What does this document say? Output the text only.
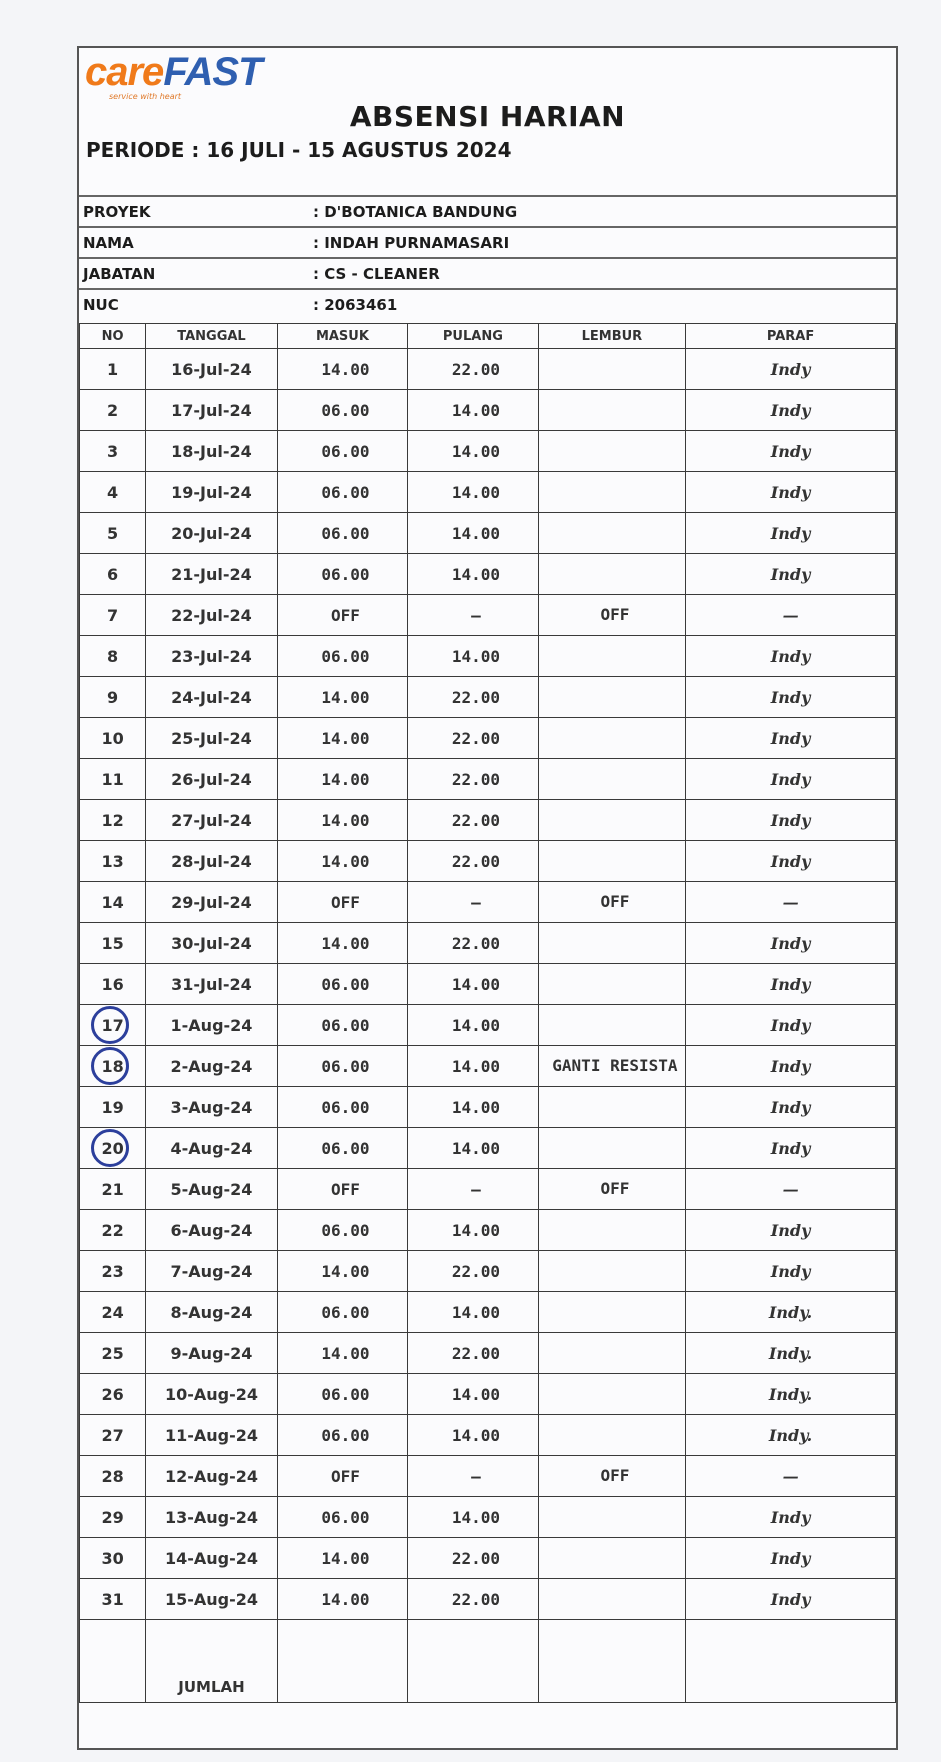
careFAST
service with heart
ABSENSI HARIAN
PERIODE : 16 JULI - 15 AGUSTUS 2024
PROYEK	: D'BOTANICA BANDUNG
NAMA	: INDAH PURNAMASARI
JABATAN	: CS - CLEANER
NUC	: 2063461
NO	TANGGAL	MASUK	PULANG	LEMBUR	PARAF
1	16-Jul-24	14.00	22.00		Indy
2	17-Jul-24	06.00	14.00		Indy
3	18-Jul-24	06.00	14.00		Indy
4	19-Jul-24	06.00	14.00		Indy
5	20-Jul-24	06.00	14.00		Indy
6	21-Jul-24	06.00	14.00		Indy
7	22-Jul-24	OFF	—	OFF	—
8	23-Jul-24	06.00	14.00		Indy
9	24-Jul-24	14.00	22.00		Indy
10	25-Jul-24	14.00	22.00		Indy
11	26-Jul-24	14.00	22.00		Indy
12	27-Jul-24	14.00	22.00		Indy
13	28-Jul-24	14.00	22.00		Indy
14	29-Jul-24	OFF	—	OFF	—
15	30-Jul-24	14.00	22.00		Indy
16	31-Jul-24	06.00	14.00		Indy
17	1-Aug-24	06.00	14.00		Indy
18	2-Aug-24	06.00	14.00	GANTI RESISTA	Indy
19	3-Aug-24	06.00	14.00		Indy
20	4-Aug-24	06.00	14.00		Indy
21	5-Aug-24	OFF	—	OFF	—
22	6-Aug-24	06.00	14.00		Indy
23	7-Aug-24	14.00	22.00		Indy
24	8-Aug-24	06.00	14.00		Indy.
25	9-Aug-24	14.00	22.00		Indy.
26	10-Aug-24	06.00	14.00		Indy.
27	11-Aug-24	06.00	14.00		Indy.
28	12-Aug-24	OFF	—	OFF	—
29	13-Aug-24	06.00	14.00		Indy
30	14-Aug-24	14.00	22.00		Indy
31	15-Aug-24	14.00	22.00		Indy
	JUMLAH				
